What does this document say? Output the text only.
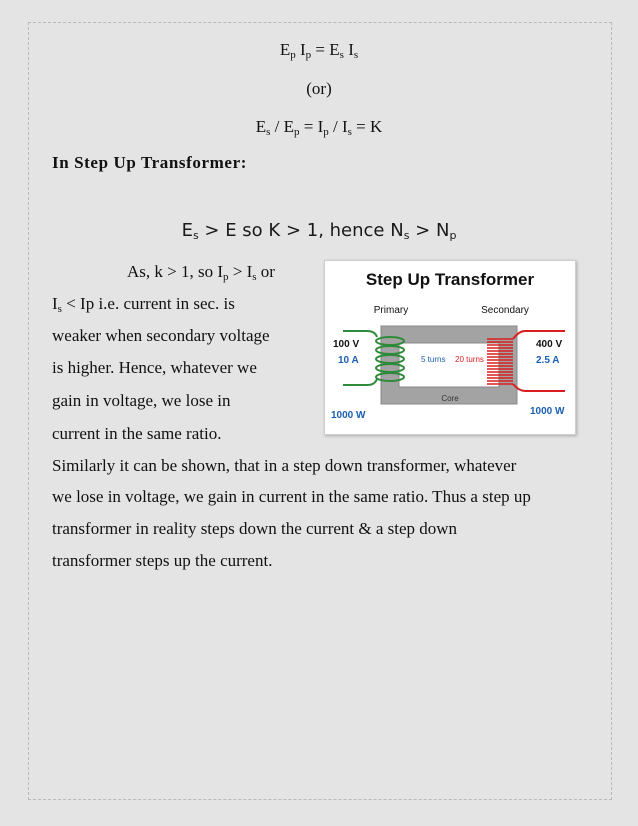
$E_p$ $I_p = E_s$ $I_s$
(or)
$E_s / E_p = I_p / I_s = K$
In Step Up Transformer:
$E_s > E$ so K > 1, hence $N_s > N_p$
As, k > 1, so $I_p > I_s$ or
$I_s < Ip$ i.e. current in sec. is
weaker when secondary voltage
is higher. Hence, whatever we
gain in voltage, we lose in
current in the same ratio.
Similarly it can be shown, that in a step down transformer, whatever
we lose in voltage, we gain in current in the same ratio. Thus a step up
transformer in reality steps down the current & a step down
transformer steps up the current.
Step Up Transformer
Primary	Secondary
Core
5 turns 20 turns
100 V
10 A
400 V
2.5 A
1000 W	1000 W
